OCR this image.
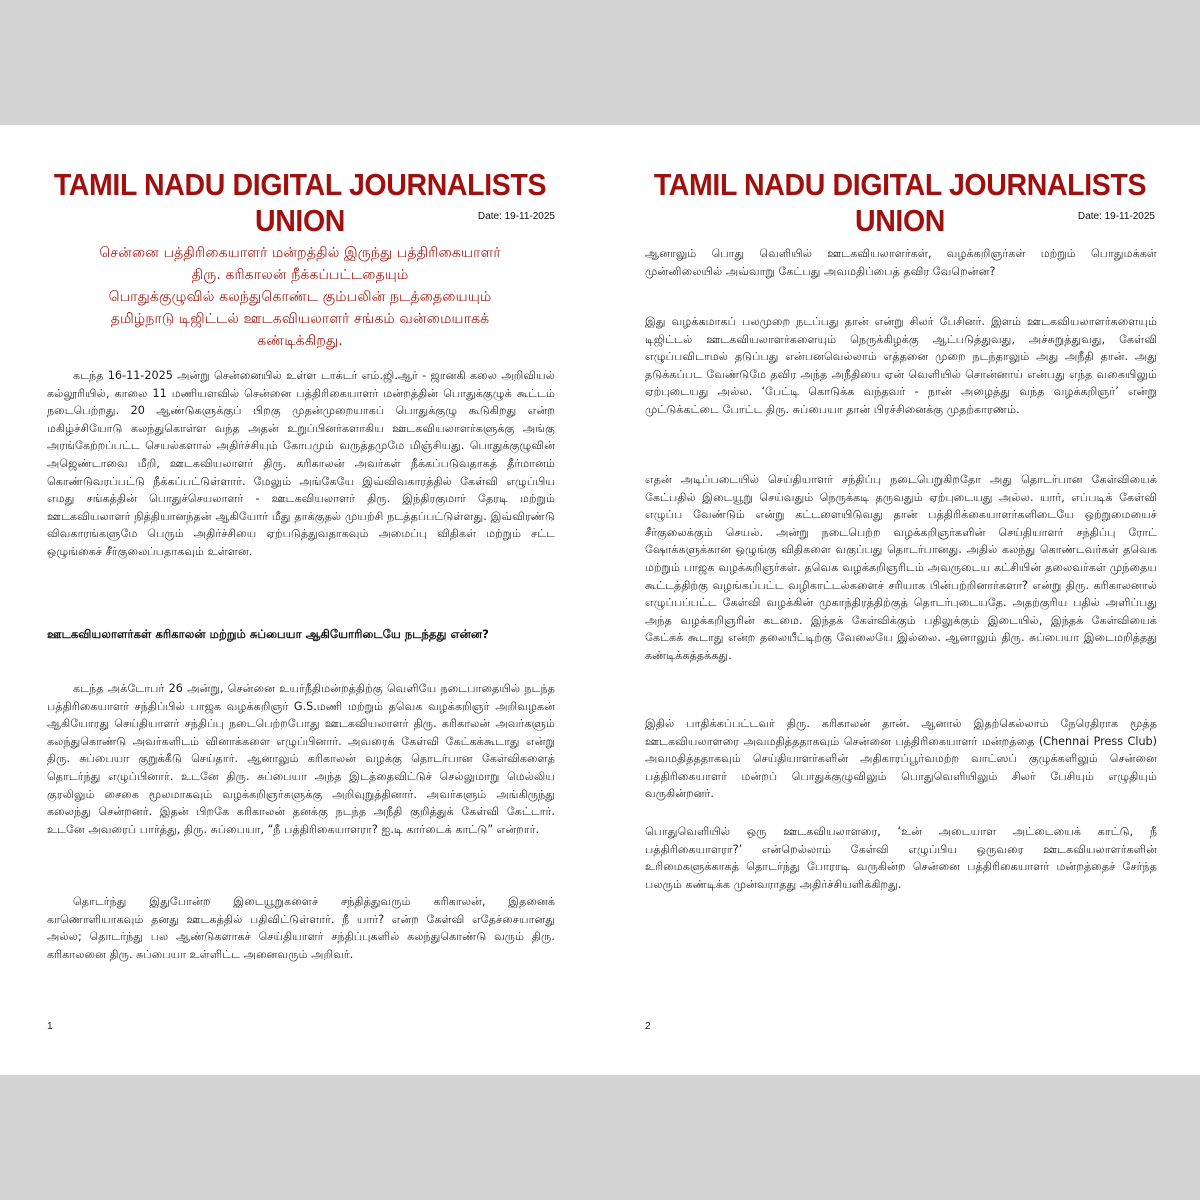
TAMIL NADU DIGITAL JOURNALISTS UNION	Date: 19-11-2025
சென்னை பத்திரிகையாளர் மன்றத்தில் இருந்து பத்திரிகையாளர்
திரு. கரிகாலன் நீக்கப்பட்டதையும்
பொதுக்குழுவில் கலந்துகொண்ட கும்பலின் நடத்தையையும்
தமிழ்நாடு டிஜிட்டல் ஊடகவியலாளர் சங்கம் வன்மையாகக்
கண்டிக்கிறது.

கடந்த 16-11-2025 அன்று சென்னையில் உள்ள டாக்டர் எம்.ஜி.ஆர் - ஜானகி கலை அறிவியல் கல்லூரியில், காலை 11 மணியளவில் சென்னை பத்திரிகையாளர் மன்றத்தின் பொதுக்குழுக் கூட்டம் நடைபெற்றது. 20 ஆண்டுகளுக்குப் பிறகு முதன்முறையாகப் பொதுக்குழு கூடுகிறது என்ற மகிழ்ச்சியோடு கலந்துகொள்ள வந்த அதன் உறுப்பினர்களாகிய ஊடகவியலாளர்களுக்கு அங்கு அரங்கேற்றப்பட்ட செயல்களால் அதிர்ச்சியும் கோபமும் வருத்தமுமே மிஞ்சியது. பொதுக்குழுவின் அஜெண்டாவை மீறி, ஊடகவியலாளர் திரு. கரிகாலன் அவர்கள் நீக்கப்படுவதாகத் தீர்மானம் கொண்டுவரப்பட்டு நீக்கப்பட்டுள்ளார். மேலும் அங்கேயே இவ்விவகாரத்தில் கேள்வி எழுப்பிய எமது சங்கத்தின் பொதுச்செயலாளர் - ஊடகவியலாளர் திரு. இந்திரகுமார் தேரடி மற்றும் ஊடகவியலாளர் நித்தியானந்தன் ஆகியோர் மீது தாக்குதல் முயற்சி நடத்தப்பட்டுள்ளது. இவ்விரண்டு விவகாரங்களுமே பெரும் அதிர்ச்சியை ஏற்படுத்துவதாகவும் அமைப்பு விதிகள் மற்றும் சட்ட ஒழுங்கைச் சீர்குலைப்பதாகவும் உள்ளன.

ஊடகவியலாளர்கள் கரிகாலன் மற்றும் சுப்பையா ஆகியோரிடையே நடந்தது என்ன?

கடந்த அக்டோபர் 26 அன்று, சென்னை உயர்நீதிமன்றத்திற்கு வெளியே நடைபாதையில் நடந்த பத்திரிகையாளர் சந்திப்பில் பாஜக வழக்கறிஞர் G.S.மணி மற்றும் தவெக வழக்கறிஞர் அறிவழகன் ஆகியோரது செய்தியாளர் சந்திப்பு நடைபெற்றபோது ஊடகவியலாளர் திரு. கரிகாலன் அவர்களும் கலந்துகொண்டு அவர்களிடம் வினாக்களை எழுப்பினார். அவரைக் கேள்வி கேட்கக்கூடாது என்று திரு. சுப்பையா குறுக்கீடு செய்தார். ஆனாலும் கரிகாலன் வழக்கு தொடர்பான கேள்விகளைத் தொடர்ந்து எழுப்பினார். உடனே திரு. சுப்பையா அந்த இடத்தைவிட்டுச் செல்லுமாறு மெல்லிய குரலிலும் சைகை மூலமாகவும் வழக்கறிஞர்களுக்கு அறிவுறுத்தினார். அவர்களும் அங்கிருந்து கலைந்து சென்றனர். இதன் பிறகே கரிகாலன் தனக்கு நடந்த அநீதி குறித்துக் கேள்வி கேட்டார். உடனே அவரைப் பார்த்து, திரு. சுப்பையா, “நீ பத்திரிகையாளரா? ஐ.டி கார்டைக் காட்டு” என்றார்.

தொடர்ந்து இதுபோன்ற இடையூறுகளைச் சந்தித்துவரும் கரிகாலன், இதனைக் காணொளியாகவும் தனது ஊடகத்தில் பதிவிட்டுள்ளார். நீ யார்? என்ற கேள்வி எதேச்சையானது அல்ல; தொடர்ந்து பல ஆண்டுகளாகச் செய்தியாளர் சந்திப்புகளில் கலந்துகொண்டு வரும் திரு. கரிகாலனை திரு. சுப்பையா உள்ளிட்ட அனைவரும் அறிவர்.

1
TAMIL NADU DIGITAL JOURNALISTS UNION	Date: 19-11-2025

ஆனாலும் பொது வெளியில் ஊடகவியலாளர்கள், வழக்கறிஞர்கள் மற்றும் பொதுமக்கள் முன்னிலையில் அவ்வாறு கேட்பது அவமதிப்பைத் தவிர வேறென்ன?

இது வழக்கமாகப் பலமுறை நடப்பது தான் என்று சிலர் பேசினர். இளம் ஊடகவியலாளர்களையும் டிஜிட்டல் ஊடகவியலாளர்களையும் நெருக்கிழக்கு ஆட்படுத்துவது, அச்சுறுத்துவது, கேள்வி எழுப்பவிடாமல் தடுப்பது என்பனவெல்லாம் எத்தனை முறை நடந்தாலும் அது அநீதி தான். அது தடுக்கப்பட வேண்டுமே தவிர அந்த அநீதியை ஏன் வெளியில் சொன்னாய் என்பது எந்த வகையிலும் ஏற்புடையது அல்ல. ‘பேட்டி கொடுக்க வந்தவர் - நான் அழைத்து வந்த வழக்கறிஞர்’ என்று முட்டுக்கட்டை போட்ட திரு. சுப்பையா தான் பிரச்சினைக்கு முதற்காரணம்.

எதன் அடிப்படையில் செய்தியாளர் சந்திப்பு நடைபெறுகிறதோ அது தொடர்பான கேள்வியைக் கேட்பதில் இடையூறு செய்வதும் நெருக்கடி தருவதும் ஏற்புடையது அல்ல. யார், எப்படிக் கேள்வி எழுப்ப வேண்டும் என்று கட்டளையிடுவது தான் பத்திரிக்கையாளர்களிடையே ஒற்றுமையைச் சீர்குலைக்கும் செயல். அன்று நடைபெற்ற வழக்கறிஞர்களின் செய்தியாளர் சந்திப்பு ரோட் ஷோக்களுக்கான ஒழுங்கு விதிகளை வகுப்பது தொடர்பானது. அதில் கலந்து கொண்டவர்கள் தவெக மற்றும் பாஜக வழக்கறிஞர்கள். தவெக வழக்கறிஞரிடம் அவருடைய கட்சியின் தலைவர்கள் முந்தைய கூட்டத்திற்கு வழங்கப்பட்ட வழிகாட்டல்களைச் சரியாக பின்பற்றினார்களா? என்று திரு. கரிகாலனால் எழுப்பப்பட்ட கேள்வி வழக்கின் முகாந்திரத்திற்குத் தொடர்புடையதே. அதற்குரிய பதில் அளிப்பது அந்த வழக்கறிஞரின் கடமை. இந்தக் கேள்விக்கும் பதிலுக்கும் இடையில், இந்தக் கேள்வியைக் கேட்கக் கூடாது என்ற தலையீட்டிற்கு வேலையே இல்லை. ஆனாலும் திரு. சுப்பையா இடைமறித்தது கண்டிக்கத்தக்கது.

இதில் பாதிக்கப்பட்டவர் திரு. கரிகாலன் தான். ஆனால் இதற்கெல்லாம் நேரெதிராக மூத்த ஊடகவியலாளரை அவமதித்ததாகவும் சென்னை பத்திரிகையாளர் மன்றத்தை (Chennai Press Club) அவமதித்ததாகவும் செய்தியாளர்களின் அதிகாரப்பூர்வமற்ற வாட்ஸப் குழுக்களிலும் சென்னை பத்திரிகையாளர் மன்றப் பொதுக்குழுவிலும் பொதுவெளியிலும் சிலர் பேசியும் எழுதியும் வருகின்றனர்.

பொதுவெளியில் ஒரு ஊடகவியலாளரை, ‘உன் அடையாள அட்டையைக் காட்டு, நீ பத்திரிகையாளரா?’ என்றெல்லாம் கேள்வி எழுப்பிய ஒருவரை ஊடகவியலாளர்களின் உரிமைகளுக்காகத் தொடர்ந்து போராடி வருகின்ற சென்னை பத்திரிகையாளர் மன்றத்தைச் சேர்ந்த பலரும் கண்டிக்க முன்வராதது அதிர்ச்சியளிக்கிறது.

2
